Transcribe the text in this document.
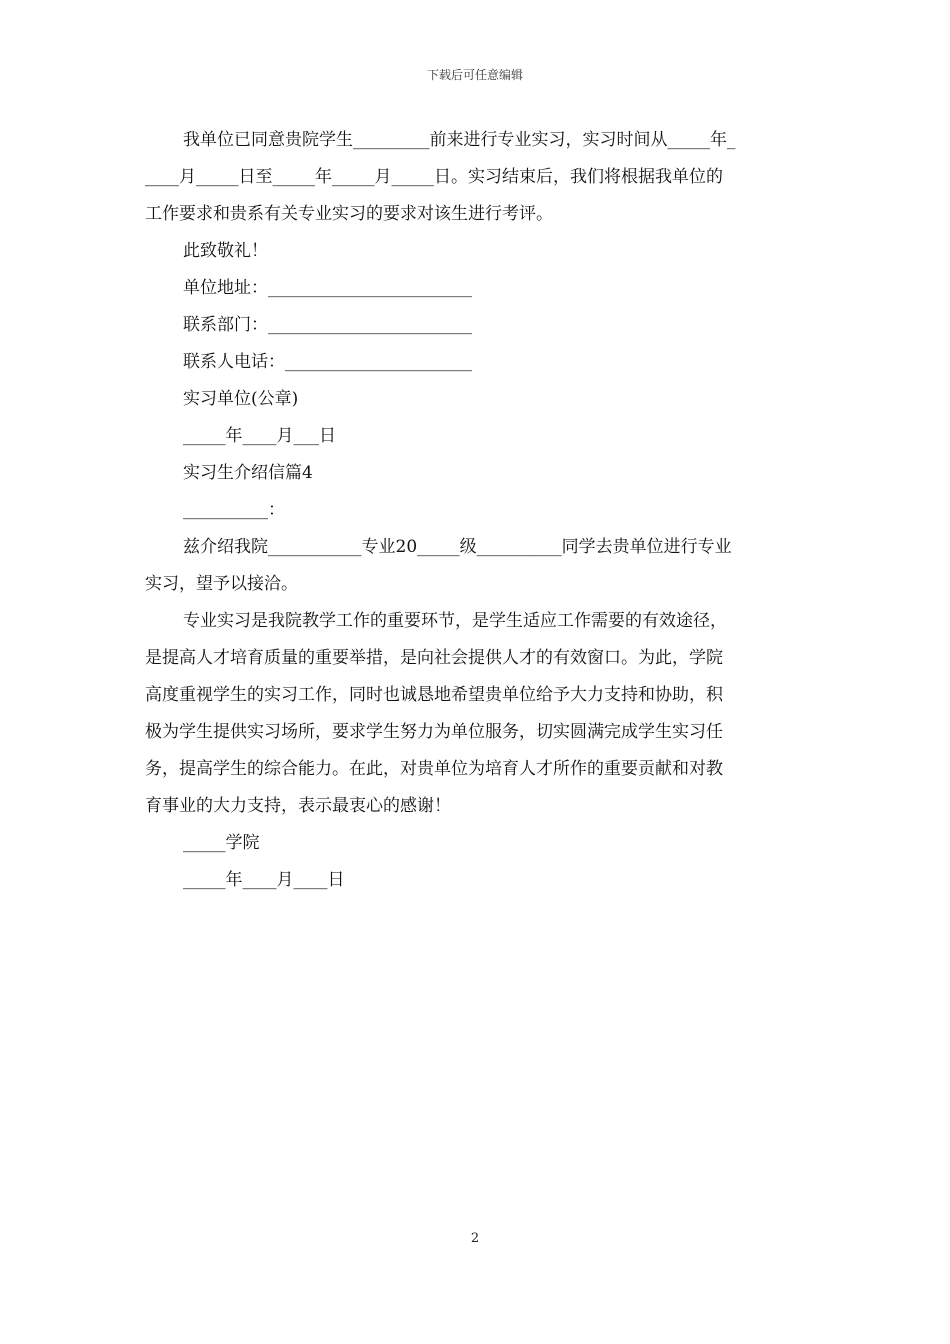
下载后可任意编辑
我单位已同意贵院学生_________前来进行专业实习，实习时间从_____年_
____月_____日至_____年_____月_____日。实习结束后，我们将根据我单位的
工作要求和贵系有关专业实习的要求对该生进行考评。
此致敬礼！
单位地址：________________________
联系部门：________________________
联系人电话：______________________
实习单位(公章)
_____年____月___日
实习生介绍信篇4
__________：
兹介绍我院___________专业20_____级__________同学去贵单位进行专业
实习，望予以接洽。
专业实习是我院教学工作的重要环节，是学生适应工作需要的有效途径，
是提高人才培育质量的重要举措，是向社会提供人才的有效窗口。为此，学院
高度重视学生的实习工作，同时也诚恳地希望贵单位给予大力支持和协助，积
极为学生提供实习场所，要求学生努力为单位服务，切实圆满完成学生实习任
务，提高学生的综合能力。在此，对贵单位为培育人才所作的重要贡献和对教
育事业的大力支持，表示最衷心的感谢！
_____学院
_____年____月____日
2
